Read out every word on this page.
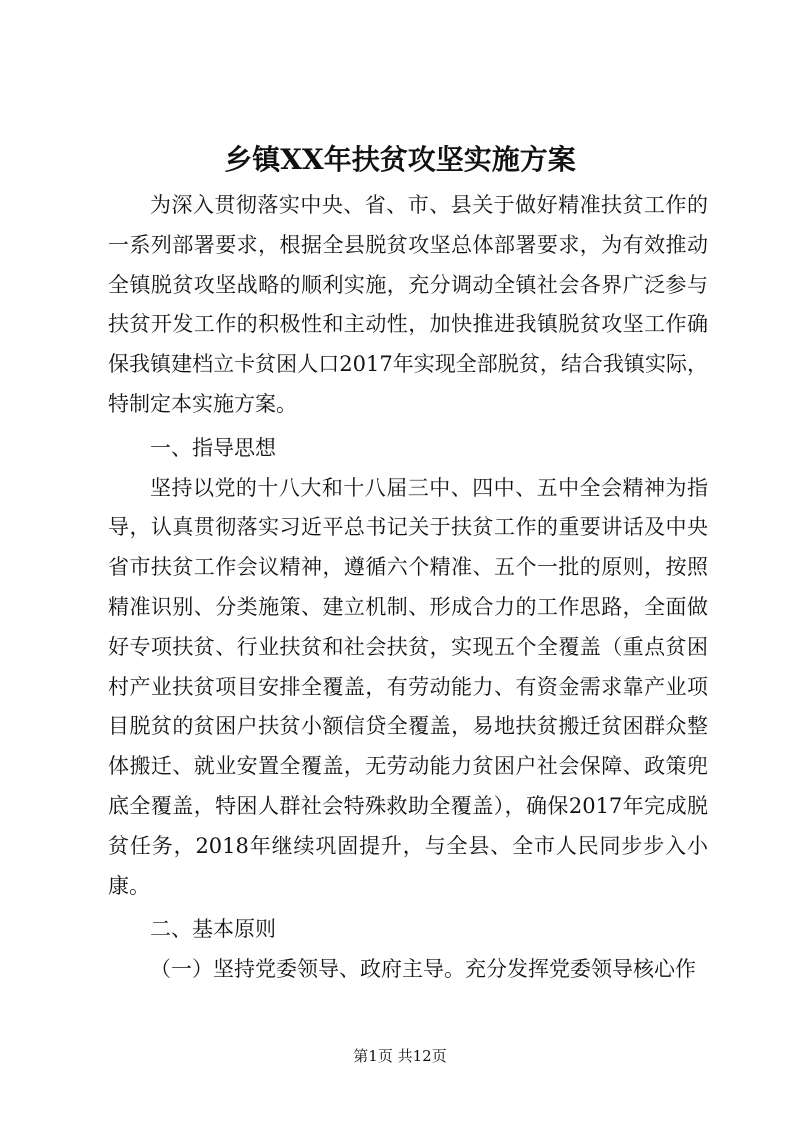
乡镇XX年扶贫攻坚实施方案

为深入贯彻落实中央、省、市、县关于做好精准扶贫工作的一系列部署要求，根据全县脱贫攻坚总体部署要求，为有效推动全镇脱贫攻坚战略的顺利实施，充分调动全镇社会各界广泛参与扶贫开发工作的积极性和主动性，加快推进我镇脱贫攻坚工作确保我镇建档立卡贫困人口2017年实现全部脱贫，结合我镇实际，特制定本实施方案。

一、指导思想

坚持以党的十八大和十八届三中、四中、五中全会精神为指导，认真贯彻落实习近平总书记关于扶贫工作的重要讲话及中央省市扶贫工作会议精神，遵循六个精准、五个一批的原则，按照精准识别、分类施策、建立机制、形成合力的工作思路，全面做好专项扶贫、行业扶贫和社会扶贫，实现五个全覆盖（重点贫困村产业扶贫项目安排全覆盖，有劳动能力、有资金需求靠产业项目脱贫的贫困户扶贫小额信贷全覆盖，易地扶贫搬迁贫困群众整体搬迁、就业安置全覆盖，无劳动能力贫困户社会保障、政策兜底全覆盖，特困人群社会特殊救助全覆盖），确保2017年完成脱贫任务，2018年继续巩固提升，与全县、全市人民同步步入小康。

二、基本原则

（一）坚持党委领导、政府主导。充分发挥党委领导核心作

第1页 共12页
